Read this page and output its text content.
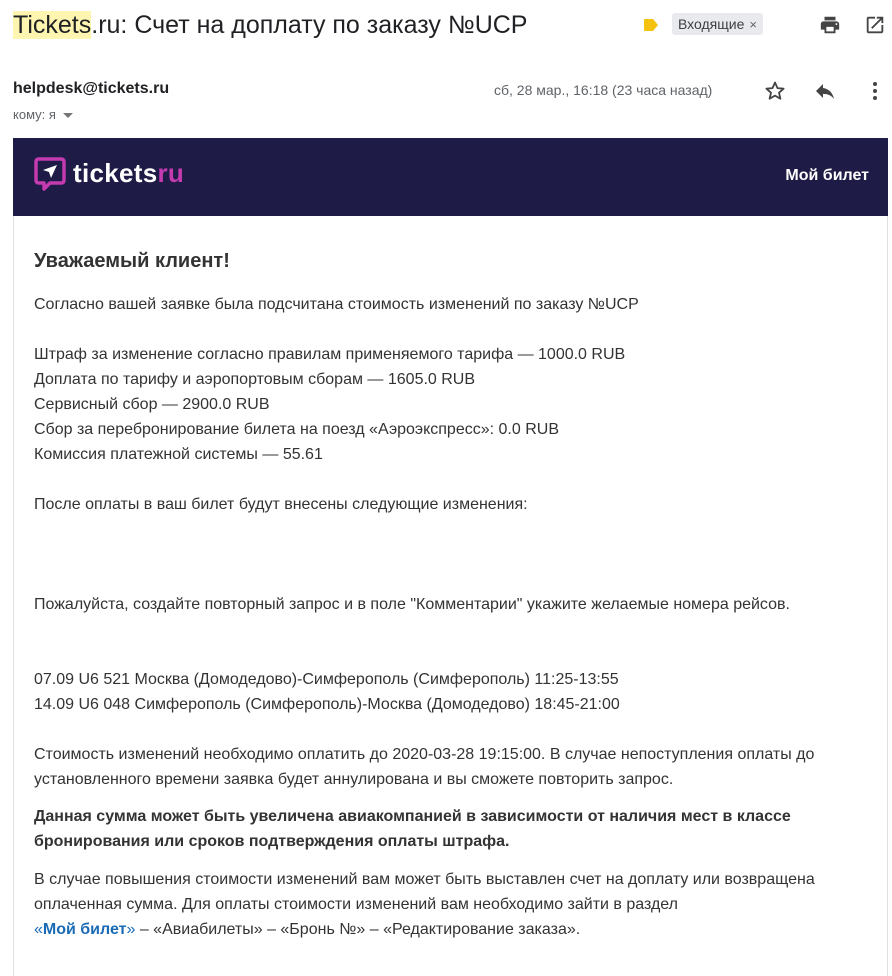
Tickets.ru: Счет на доплату по заказу №UCP	Входящие ×
helpdesk@tickets.ru
кому: я
сб, 28 мар., 16:18 (23 часа назад)
ticketsru	Мой билет
Уважаемый клиент!
Согласно вашей заявке была подсчитана стоимость изменений по заказу №UCP
Штраф за изменение согласно правилам применяемого тарифа — 1000.0 RUB
Доплата по тарифу и аэропортовым сборам — 1605.0 RUB
Сервисный сбор — 2900.0 RUB
Сбор за перебронирование билета на поезд «Аэроэкспресс»: 0.0 RUB
Комиссия платежной системы — 55.61
После оплаты в ваш билет будут внесены следующие изменения:
Пожалуйста, создайте повторный запрос и в поле "Комментарии" укажите желаемые номера рейсов.
07.09 U6 521 Москва (Домодедово)-Симферополь (Симферополь) 11:25-13:55
14.09 U6 048 Симферополь (Симферополь)-Москва (Домодедово) 18:45-21:00
Стоимость изменений необходимо оплатить до 2020-03-28 19:15:00. В случае непоступления оплаты до установленного времени заявка будет аннулирована и вы сможете повторить запрос.
Данная сумма может быть увеличена авиакомпанией в зависимости от наличия мест в классе бронирования или сроков подтверждения оплаты штрафа.
В случае повышения стоимости изменений вам может быть выставлен счет на доплату или возвращена оплаченная сумма. Для оплаты стоимости изменений вам необходимо зайти в раздел
«Мой билет» – «Авиабилеты» – «Бронь №» – «Редактирование заказа».
